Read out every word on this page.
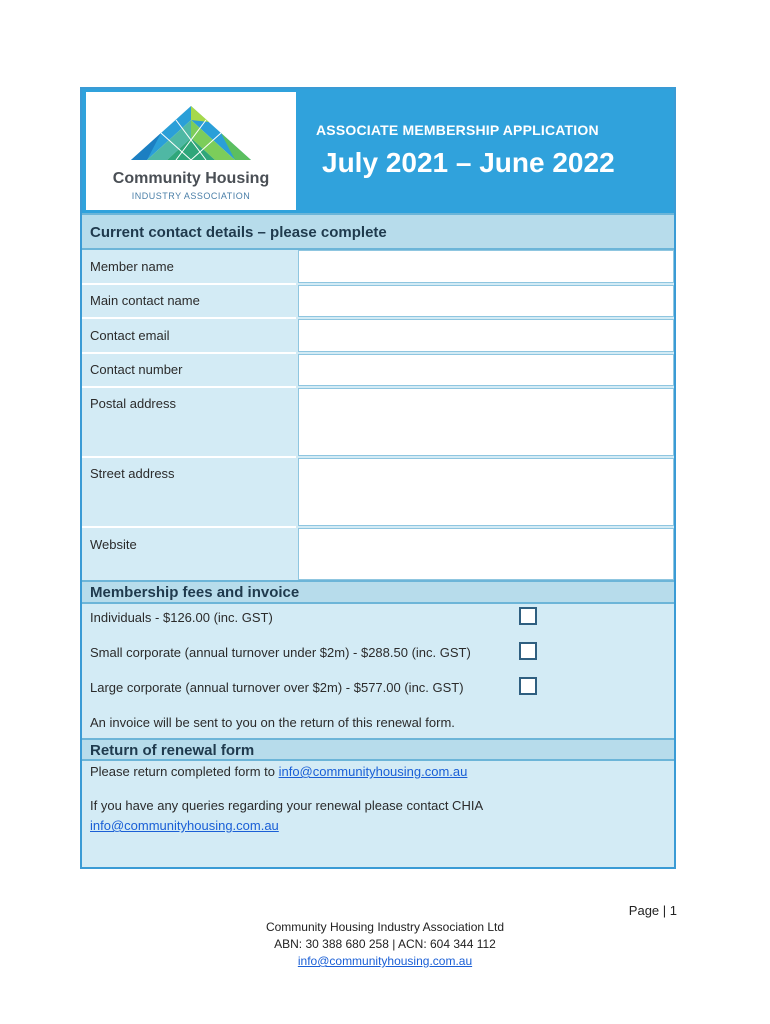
Community Housing
INDUSTRY ASSOCIATION
ASSOCIATE MEMBERSHIP APPLICATION
July 2021 – June 2022
Current contact details – please complete
Member name
Main contact name
Contact email
Contact number
Postal address
Street address
Website
Membership fees and invoice
Individuals - $126.00 (inc. GST)
Small corporate (annual turnover under $2m) - $288.50 (inc. GST)
Large corporate (annual turnover over $2m) - $577.00 (inc. GST)
An invoice will be sent to you on the return of this renewal form.
Return of renewal form
Please return completed form to info@communityhousing.com.au
If you have any queries regarding your renewal please contact CHIA
info@communityhousing.com.au
Page | 1
Community Housing Industry Association Ltd
ABN: 30 388 680 258 | ACN: 604 344 112
info@communityhousing.com.au
